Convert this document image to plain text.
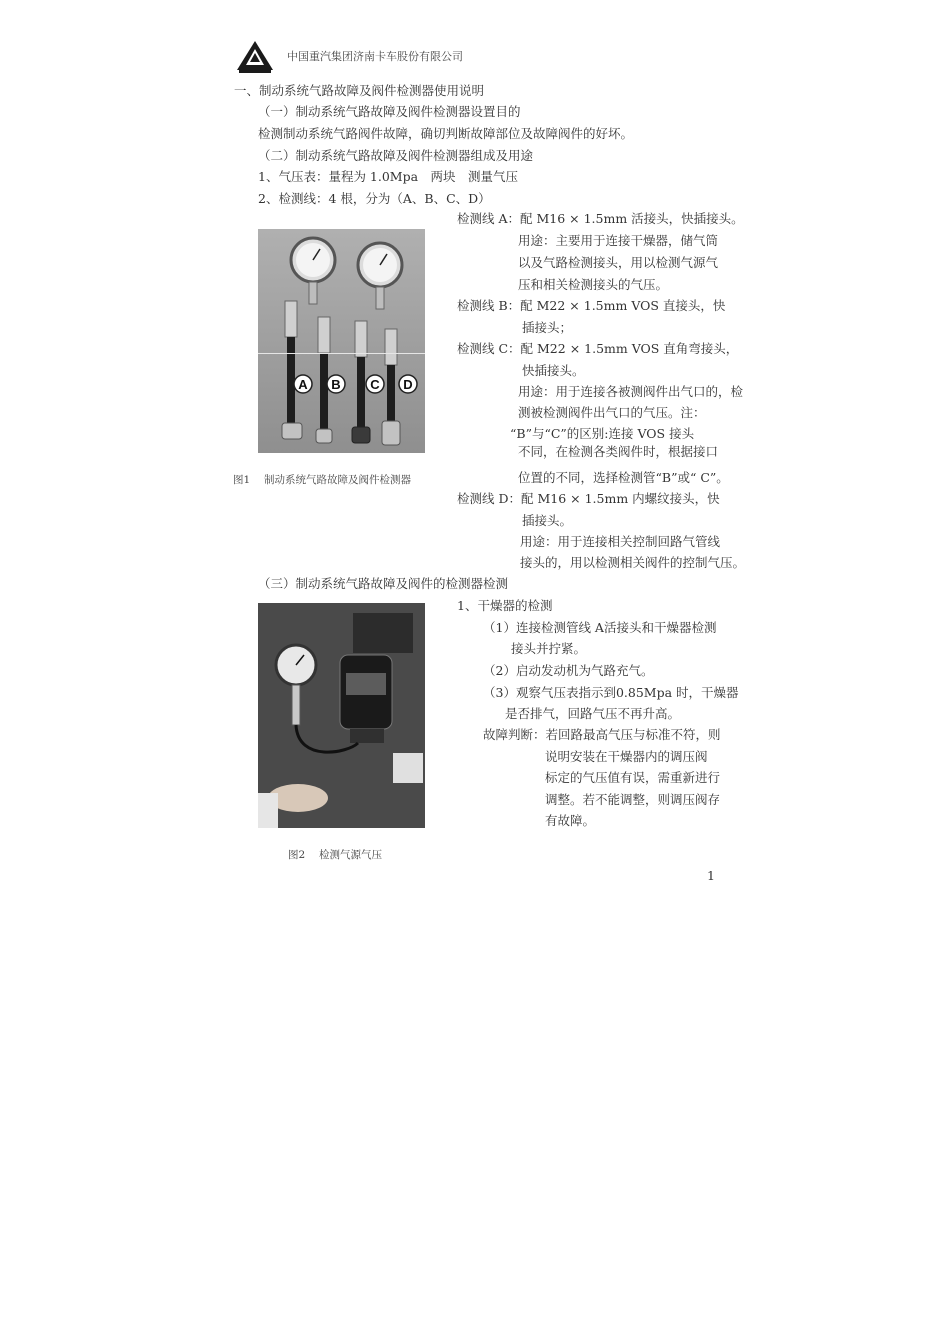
中国重汽集团济南卡车股份有限公司
一、制动系统气路故障及阀件检测器使用说明
（一）制动系统气路故障及阀件检测器设置目的
检测制动系统气路阀件故障，确切判断故障部位及故障阀件的好坏。
（二）制动系统气路故障及阀件检测器组成及用途
1、气压表：量程为 1.0Mpa　两块　测量气压
2、检测线：4 根，分为（A、B、C、D）
A B C D
图1　 制动系统气路故障及阀件检测器
检测线 A：配 M16 × 1.5mm 活接头，快插接头。
用途：主要用于连接干燥器，储气筒
以及气路检测接头，用以检测气源气
压和相关检测接头的气压。
检测线 B：配 M22 × 1.5mm VOS 直接头，快
插接头；
检测线 C：配 M22 × 1.5mm VOS 直角弯接头，
快插接头。
用途：用于连接各被测阀件出气口的，检
测被检测阀件出气口的气压。注：
“B”与“C”的区别:连接 VOS 接头
不同，在检测各类阀件时，根据接口
位置的不同，选择检测管“B”或“ C”。
检测线 D：配 M16 × 1.5mm 内螺纹接头，快
插接头。
用途：用于连接相关控制回路气管线
接头的，用以检测相关阀件的控制气压。
（三）制动系统气路故障及阀件的检测器检测
1、干燥器的检测
（1）连接检测管线 A活接头和干燥器检测
接头并拧紧。
（2）启动发动机为气路充气。
（3）观察气压表指示到0.85Mpa 时，干燥器
是否排气，回路气压不再升高。
故障判断：若回路最高气压与标准不符，则
说明安装在干燥器内的调压阀
标定的气压值有误，需重新进行
调整。若不能调整，则调压阀存
有故障。
图2　 检测气源气压
1
